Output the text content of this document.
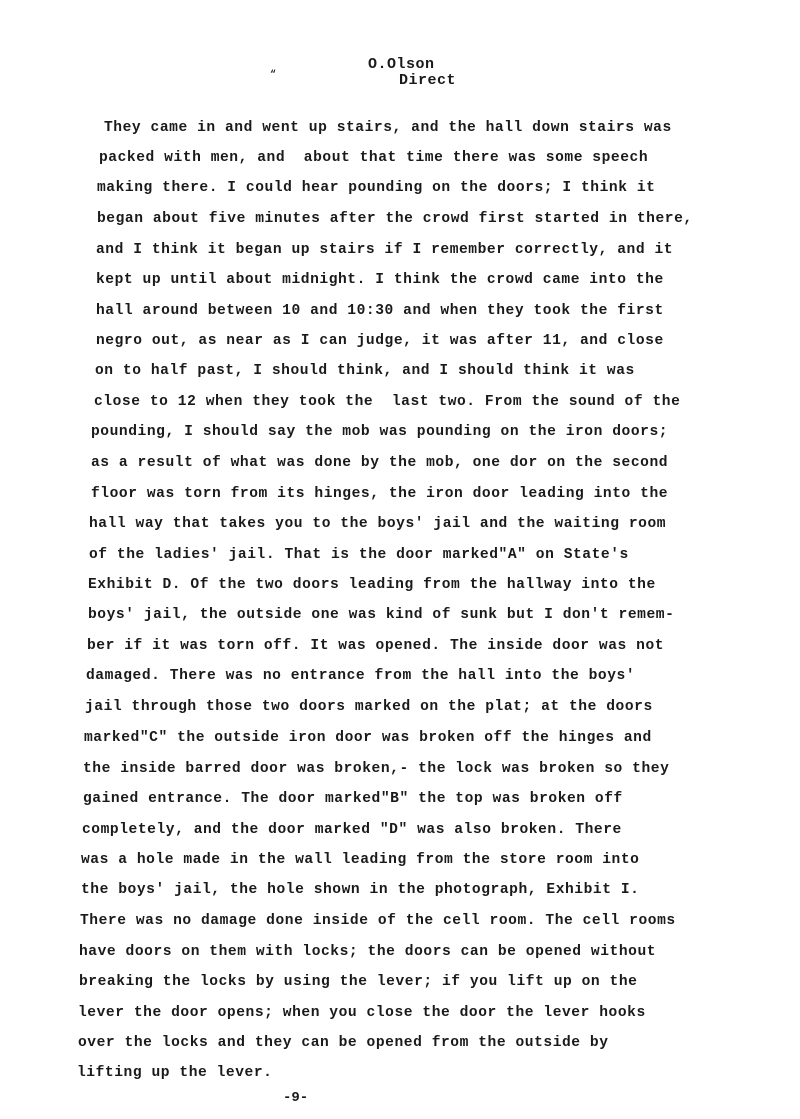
“
O.Olson
Direct
They came in and went up stairs, and the hall down stairs was
packed with men, and  about that time there was some speech
making there. I could hear pounding on the doors; I think it
began about five minutes after the crowd first started in there,
and I think it began up stairs if I remember correctly, and it
kept up until about midnight. I think the crowd came into the
hall around between 10 and 10:30 and when they took the first
negro out, as near as I can judge, it was after 11, and close
on to half past, I should think, and I should think it was
close to 12 when they took the  last two. From the sound of the
pounding, I should say the mob was pounding on the iron doors;
as a result of what was done by the mob, one dor on the second
floor was torn from its hinges, the iron door leading into the
hall way that takes you to the boys' jail and the waiting room
of the ladies' jail. That is the door marked"A" on State's
Exhibit D. Of the two doors leading from the hallway into the
boys' jail, the outside one was kind of sunk but I don't remem-
ber if it was torn off. It was opened. The inside door was not
damaged. There was no entrance from the hall into the boys'
jail through those two doors marked on the plat; at the doors
marked"C" the outside iron door was broken off the hinges and
the inside barred door was broken,- the lock was broken so they
gained entrance. The door marked"B" the top was broken off
completely, and the door marked "D" was also broken. There
was a hole made in the wall leading from the store room into
the boys' jail, the hole shown in the photograph, Exhibit I.
There was no damage done inside of the cell room. The cell rooms
have doors on them with locks; the doors can be opened without
breaking the locks by using the lever; if you lift up on the
lever the door opens; when you close the door the lever hooks
over the locks and they can be opened from the outside by
lifting up the lever.
-9-
